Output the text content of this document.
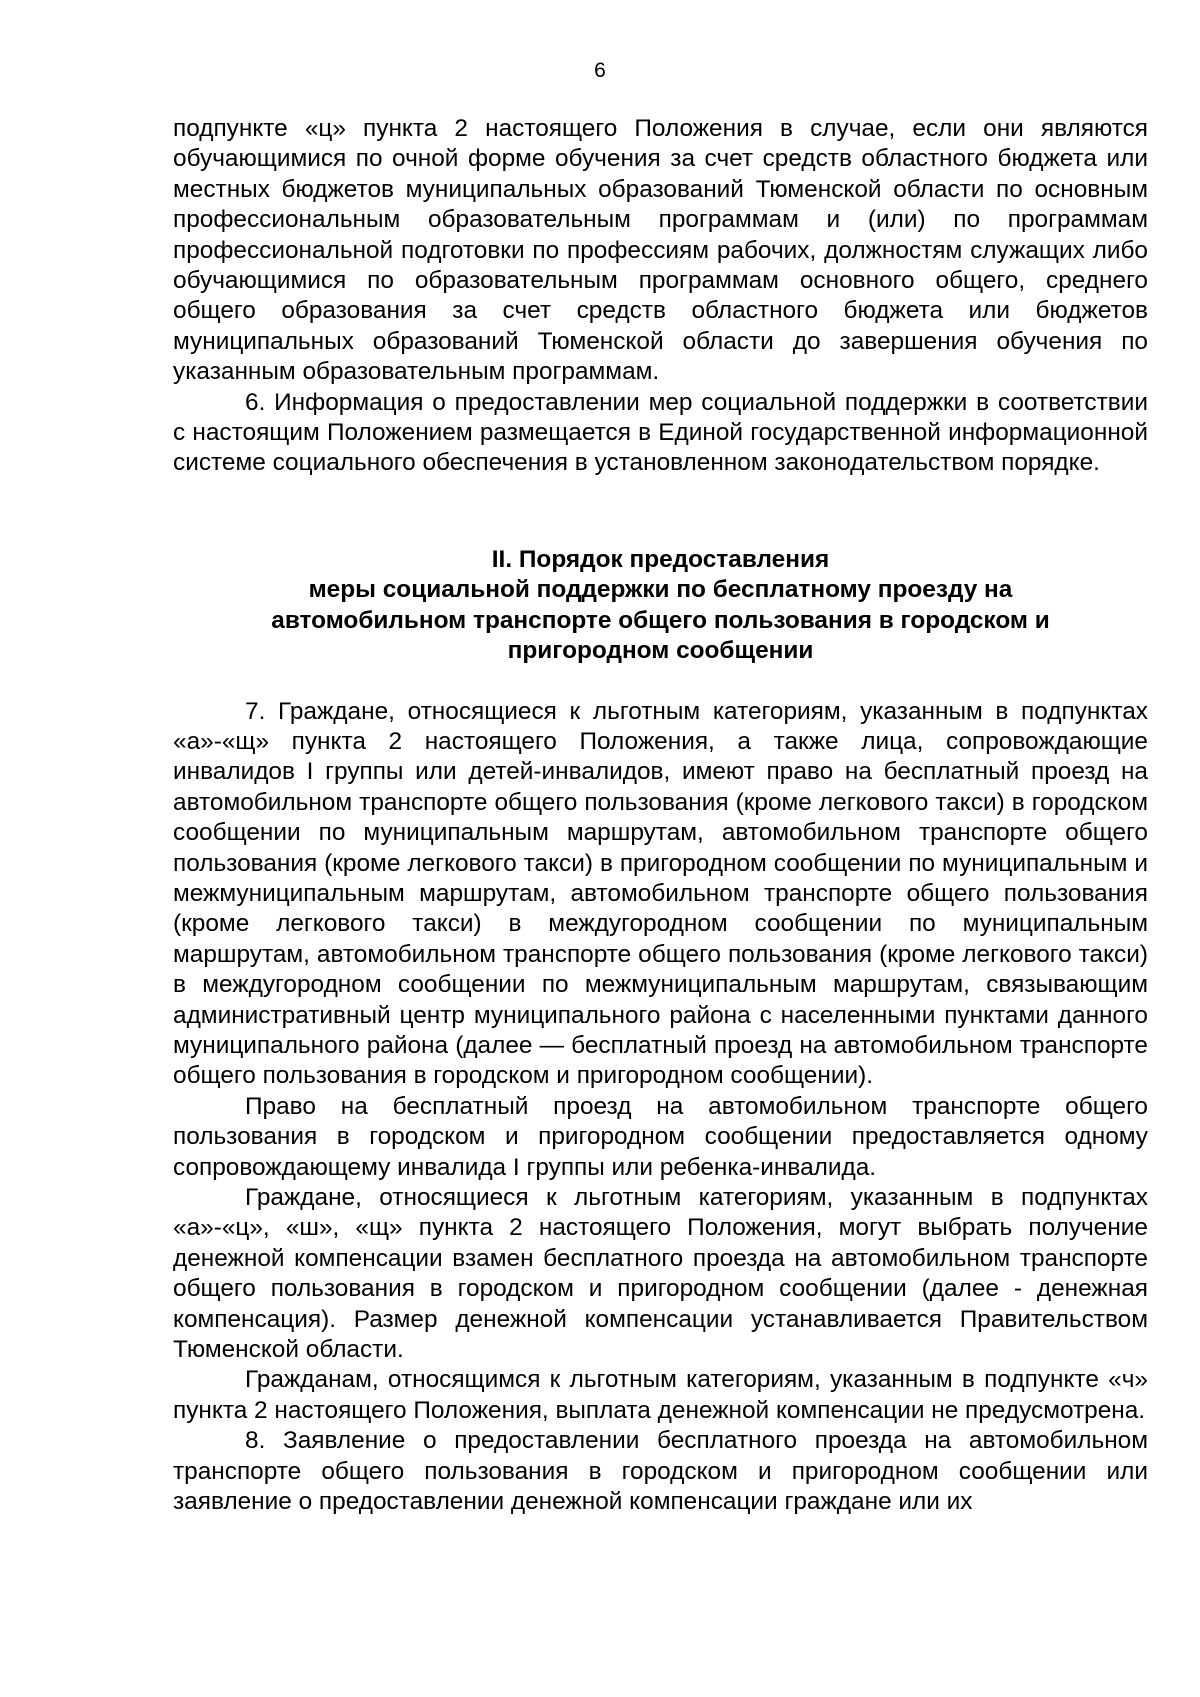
6

подпункте «ц» пункта 2 настоящего Положения в случае, если они являются обучающимися по очной форме обучения за счет средств областного бюджета или местных бюджетов муниципальных образований Тюменской области по основным профессиональным образовательным программам и (или) по программам профессиональной подготовки по профессиям рабочих, должностям служащих либо обучающимися по образовательным программам основного общего, среднего общего образования за счет средств областного бюджета или бюджетов муниципальных образований Тюменской области до завершения обучения по указанным образовательным программам.

6. Информация о предоставлении мер социальной поддержки в соответствии с настоящим Положением размещается в Единой государственной информационной системе социального обеспечения в установленном законодательством порядке.

II. Порядок предоставления
меры социальной поддержки по бесплатному проезду на
автомобильном транспорте общего пользования в городском и
пригородном сообщении

7. Граждане, относящиеся к льготным категориям, указанным в подпунктах «а»-«щ» пункта 2 настоящего Положения, а также лица, сопровождающие инвалидов I группы или детей-инвалидов, имеют право на бесплатный проезд на автомобильном транспорте общего пользования (кроме легкового такси) в городском сообщении по муниципальным маршрутам, автомобильном транспорте общего пользования (кроме легкового такси) в пригородном сообщении по муниципальным и межмуниципальным маршрутам, автомобильном транспорте общего пользования (кроме легкового такси) в междугородном сообщении по муниципальным маршрутам, автомобильном транспорте общего пользования (кроме легкового такси) в междугородном сообщении по межмуниципальным маршрутам, связывающим административный центр муниципального района с населенными пунктами данного муниципального района (далее — бесплатный проезд на автомобильном транспорте общего пользования в городском и пригородном сообщении).

Право на бесплатный проезд на автомобильном транспорте общего пользования в городском и пригородном сообщении предоставляется одному сопровождающему инвалида I группы или ребенка-инвалида.

Граждане, относящиеся к льготным категориям, указанным в подпунктах «а»-«ц», «ш», «щ» пункта 2 настоящего Положения, могут выбрать получение денежной компенсации взамен бесплатного проезда на автомобильном транспорте общего пользования в городском и пригородном сообщении (далее - денежная компенсация). Размер денежной компенсации устанавливается Правительством Тюменской области.

Гражданам, относящимся к льготным категориям, указанным в подпункте «ч» пункта 2 настоящего Положения, выплата денежной компенсации не предусмотрена.

8. Заявление о предоставлении бесплатного проезда на автомобильном транспорте общего пользования в городском и пригородном сообщении или заявление о предоставлении денежной компенсации граждане или их
